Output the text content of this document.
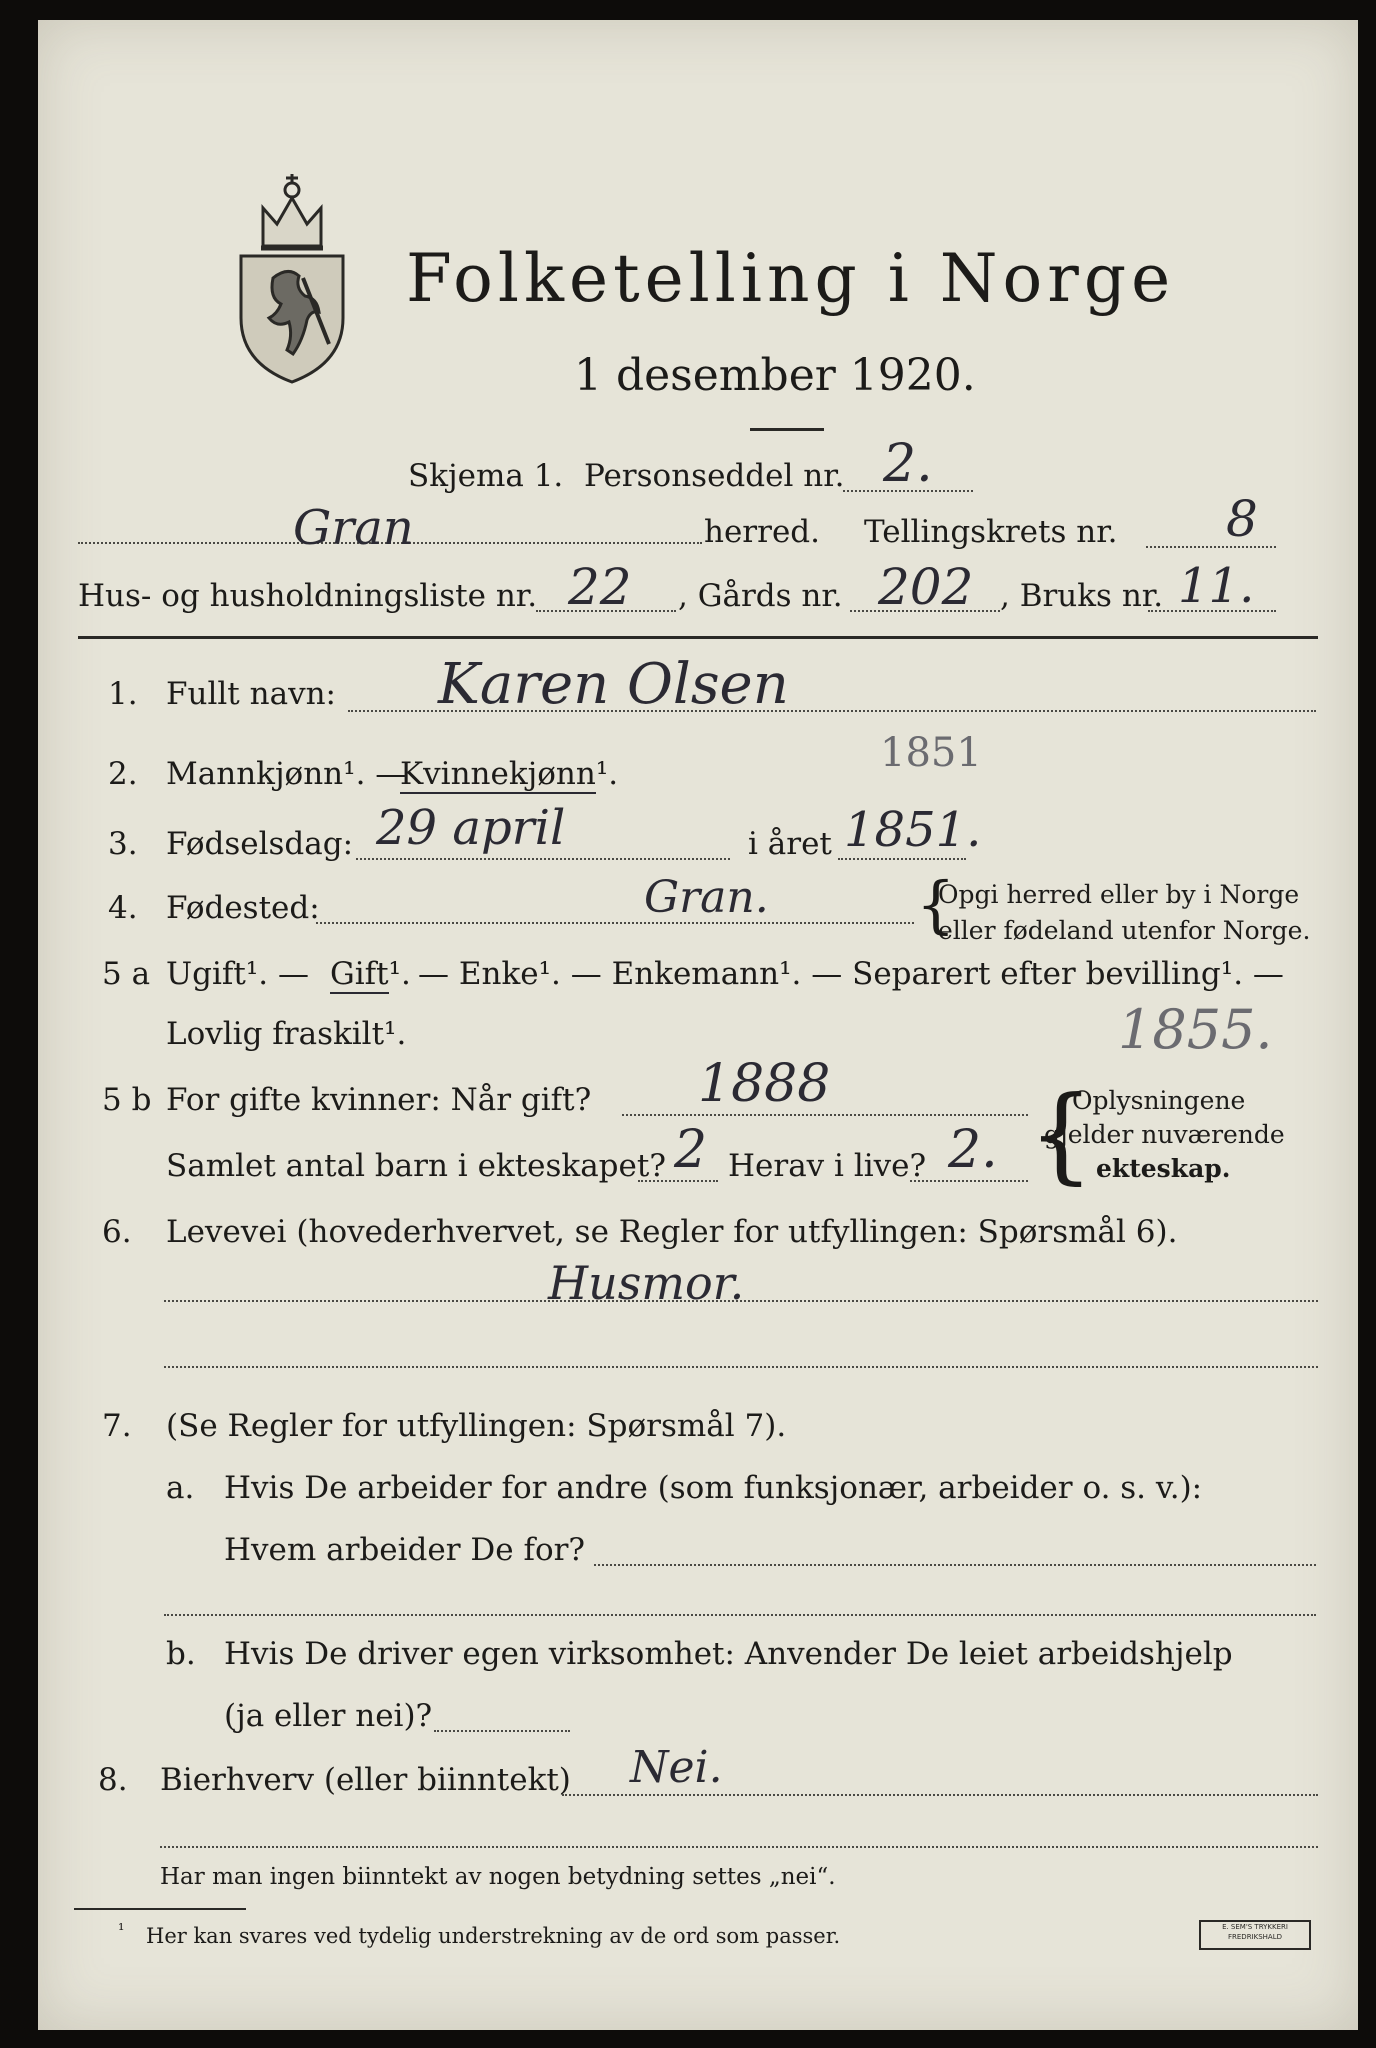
Folketelling i Norge
1 desember 1920.
Skjema 1. Personseddel nr. 2.
Gran	herred. Tellingskrets nr. 8
Hus- og husholdningsliste nr. 22 , Gårds nr. 202 , Bruks nr. 11.
1. Fullt navn: Karen Olsen
2. Mannkjønn¹. —
Kvinnekjønn¹.	1851
3. Fødselsdag: 29 april	i året 1851.
4. Fødested:	Gran. {
Opgi herred eller by i Norge
eller fødeland utenfor Norge.
5 a Ugift¹. — Gift¹. — Enke¹. — Enkemann¹. — Separert efter bevilling¹. —
Lovlig fraskilt¹.	1855.
5 b For gifte kvinner: Når gift? 1888
Samlet antal barn i ekteskapet? 2 Herav i live? 2. {
Oplysningene
gjelder nuværende
ekteskap.
6. Levevei (hovederhvervet, se Regler for utfyllingen: Spørsmål 6).
Husmor.
7. (Se Regler for utfyllingen: Spørsmål 7).
a. Hvis De arbeider for andre (som funksjonær, arbeider o. s. v.):
Hvem arbeider De for?
b. Hvis De driver egen virksomhet: Anvender De leiet arbeidshjelp
(ja eller nei)?
8. Bierhverv (eller biinntekt) Nei.
Har man ingen biinntekt av nogen betydning settes „nei“.
¹ Her kan svares ved tydelig understrekning av de ord som passer.	E. SEM'S TRYKKERI
FREDRIKSHALD
